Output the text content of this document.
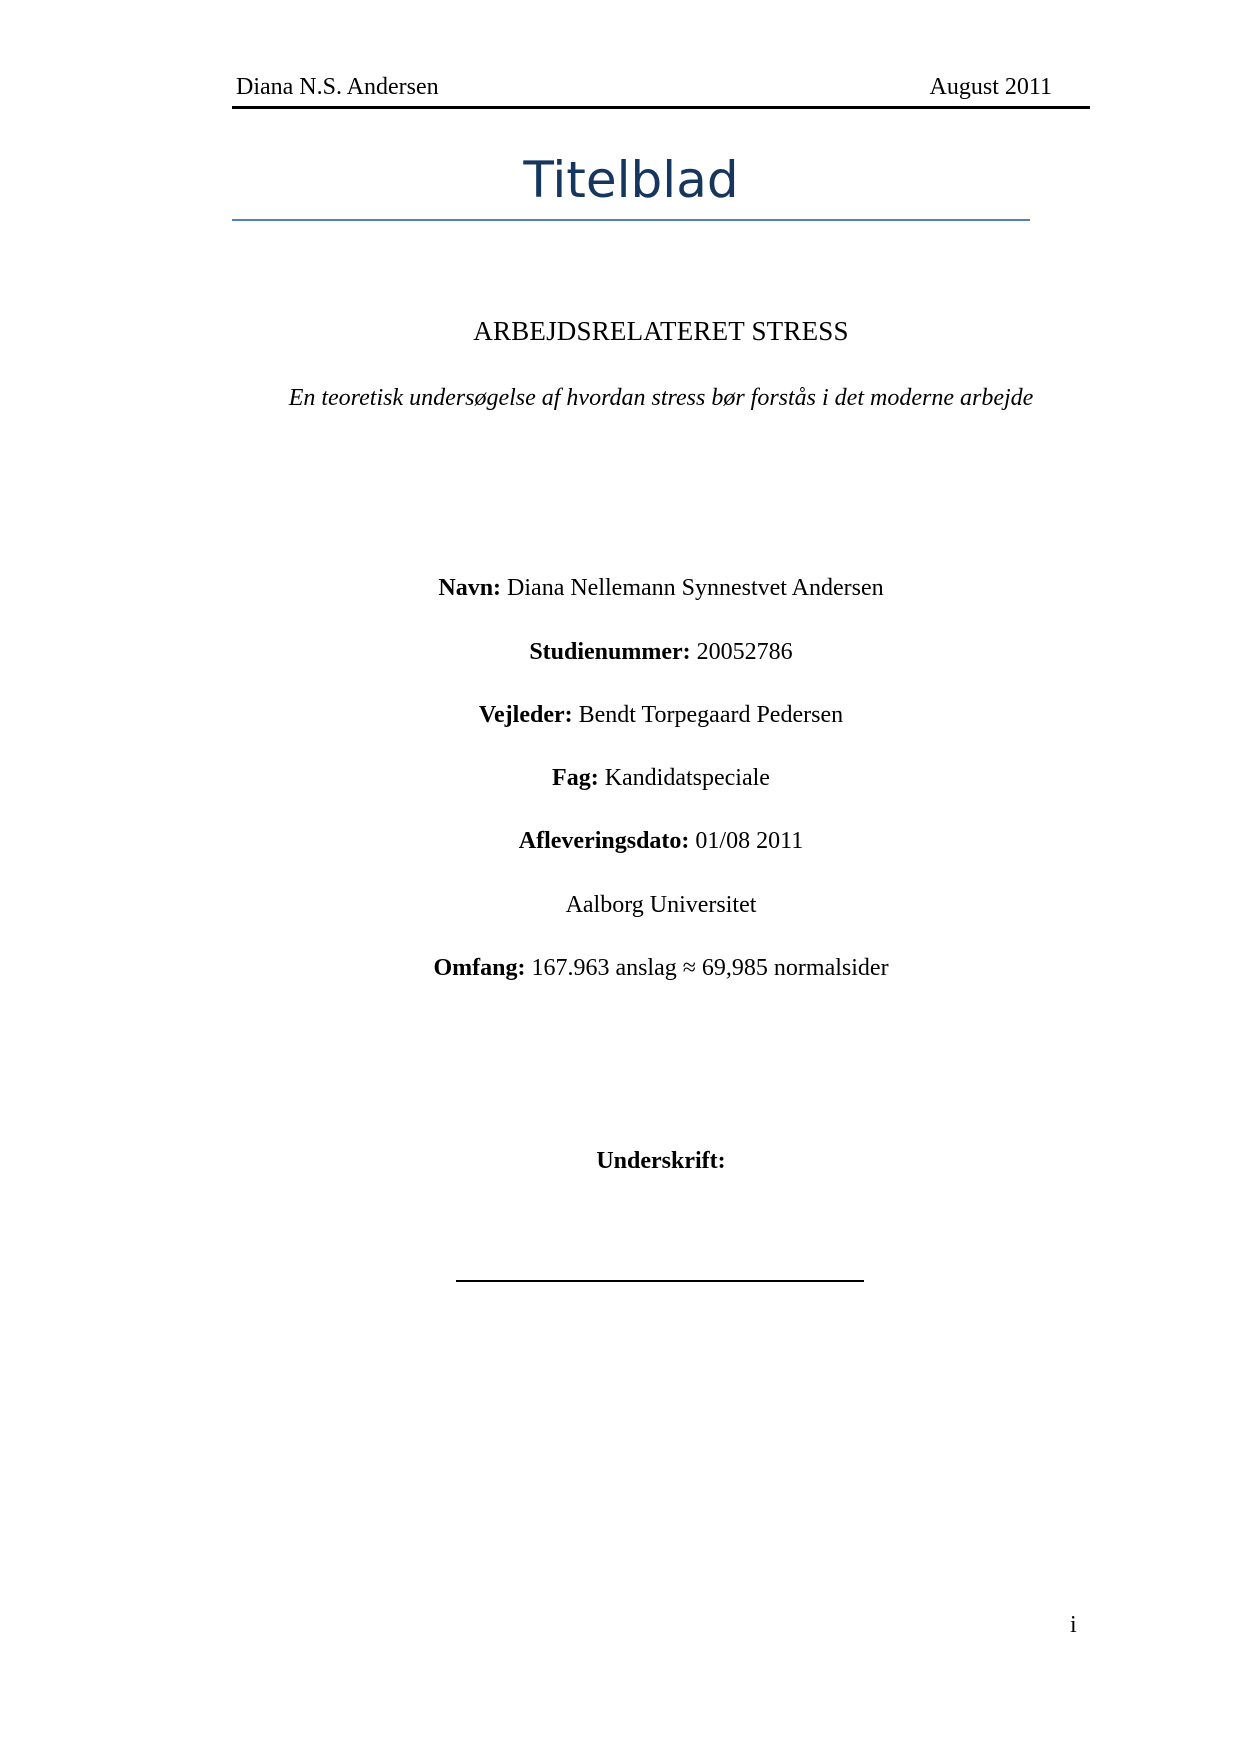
Diana N.S. Andersen	August 2011
Titelblad
ARBEJDSRELATERET STRESS
En teoretisk undersøgelse af hvordan stress bør forstås i det moderne arbejde
Navn: Diana Nellemann Synnestvet Andersen
Studienummer: 20052786
Vejleder: Bendt Torpegaard Pedersen
Fag: Kandidatspeciale
Afleveringsdato: 01/08 2011
Aalborg Universitet
Omfang: 167.963 anslag ≈ 69,985 normalsider
Underskrift:
i
